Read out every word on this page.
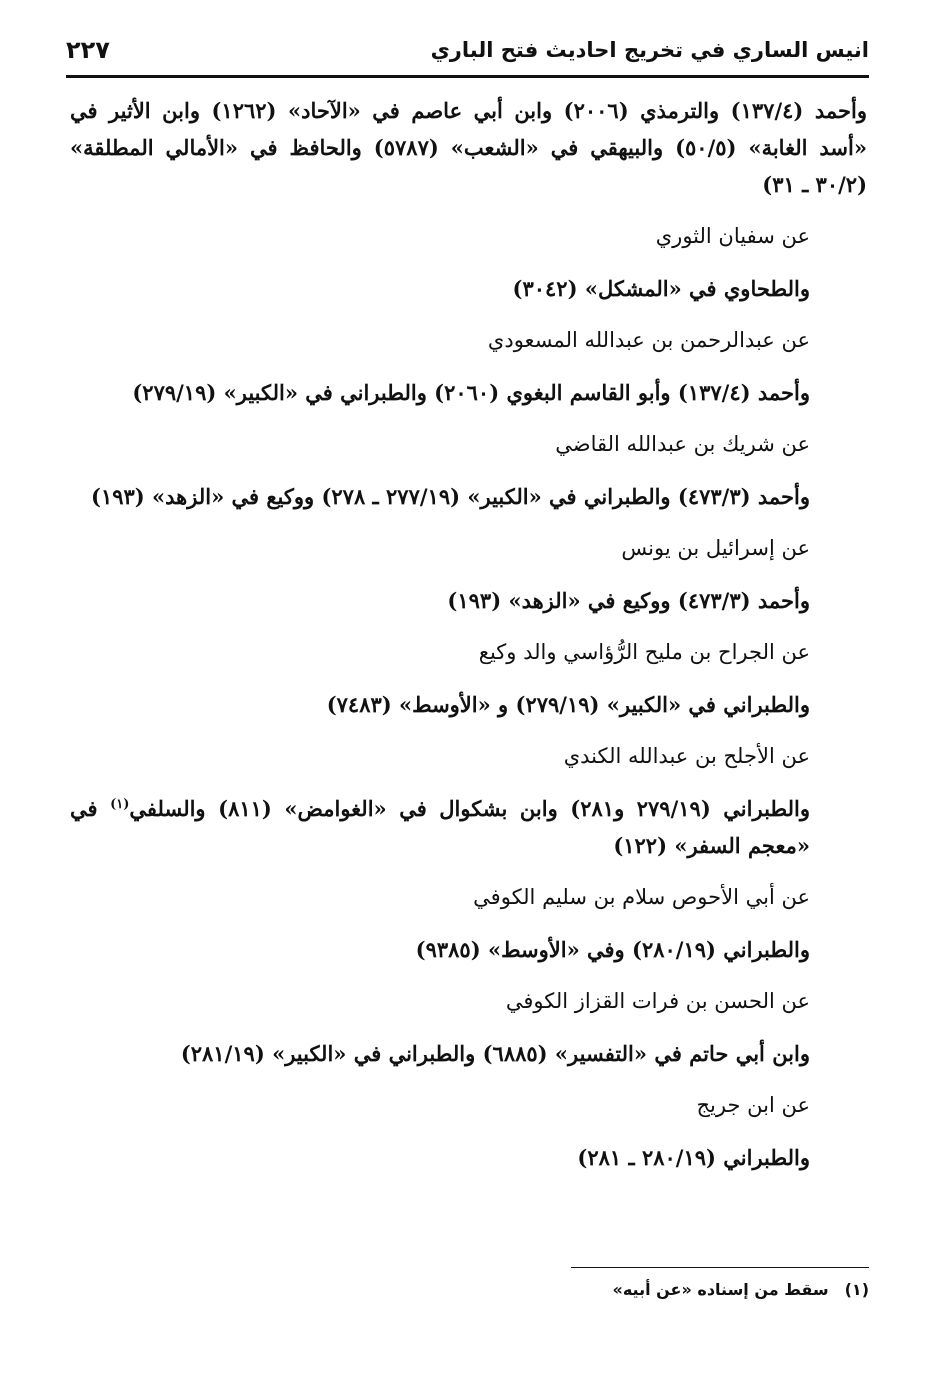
انيس الساري في تخريج احاديث فتح الباري
٢٢٧

وأحمد (١٣٧/٤) والترمذي (٢٠٠٦) وابن أبي عاصم في «الآحاد» (١٢٦٢) وابن الأثير في «أسد الغابة» (٥٠/٥) والبيهقي في «الشعب» (٥٧٨٧) والحافظ في «الأمالي المطلقة» (٣٠/٢ ـ ٣١)

عن سفيان الثوري

والطحاوي في «المشكل» (٣٠٤٢)

عن عبدالرحمن بن عبدالله المسعودي

وأحمد (١٣٧/٤) وأبو القاسم البغوي (٢٠٦٠) والطبراني في «الكبير» (٢٧٩/١٩)

عن شريك بن عبدالله القاضي

وأحمد (٤٧٣/٣) والطبراني في «الكبير» (٢٧٧/١٩ ـ ٢٧٨) ووكيع في «الزهد» (١٩٣)

عن إسرائيل بن يونس

وأحمد (٤٧٣/٣) ووكيع في «الزهد» (١٩٣)

عن الجراح بن مليح الرُّؤاسي والد وكيع

والطبراني في «الكبير» (٢٧٩/١٩) و «الأوسط» (٧٤٨٣)

عن الأجلح بن عبدالله الكندي

والطبراني (٢٧٩/١٩ و٢٨١) وابن بشكوال في «الغوامض» (٨١١) والسلفي$^{(١)}$ في «معجم السفر» (١٢٢)

عن أبي الأحوص سلام بن سليم الكوفي

والطبراني (٢٨٠/١٩) وفي «الأوسط» (٩٣٨٥)

عن الحسن بن فرات القزاز الكوفي

وابن أبي حاتم في «التفسير» (٦٨٨٥) والطبراني في «الكبير» (٢٨١/١٩)

عن ابن جريج

والطبراني (٢٨٠/١٩ ـ ٢٨١)

(١)سقط من إسناده «عن أبيه»
